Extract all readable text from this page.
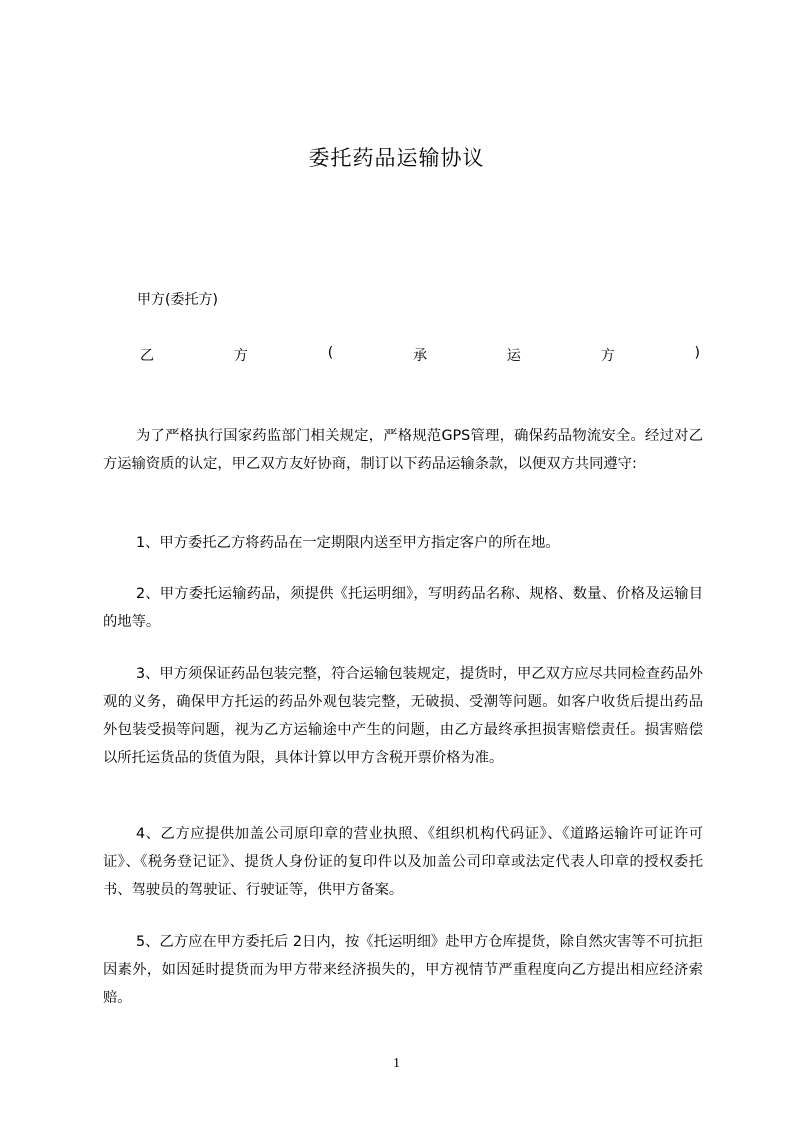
委托药品运输协议
甲方(委托方)
乙	方	(	承	运	方	)

为了严格执行国家药监部门相关规定，严格规范GPS管理，确保药品物流安全。经过对乙方运输资质的认定，甲乙双方友好协商，制订以下药品运输条款，以便双方共同遵守:

1、甲方委托乙方将药品在一定期限内送至甲方指定客户的所在地。

2、甲方委托运输药品，须提供《托运明细》，写明药品名称、规格、数量、价格及运输目的地等。

3、甲方须保证药品包装完整，符合运输包装规定，提货时，甲乙双方应尽共同检查药品外观的义务，确保甲方托运的药品外观包装完整，无破损、受潮等问题。如客户收货后提出药品外包装受损等问题，视为乙方运输途中产生的问题，由乙方最终承担损害赔偿责任。损害赔偿以所托运货品的货值为限，具体计算以甲方含税开票价格为准。

4、乙方应提供加盖公司原印章的营业执照、《组织机构代码证》、《道路运输许可证许可证》、《税务登记证》、提货人身份证的复印件以及加盖公司印章或法定代表人印章的授权委托书、驾驶员的驾驶证、行驶证等，供甲方备案。

5、乙方应在甲方委托后 2日内，按《托运明细》赴甲方仓库提货，除自然灾害等不可抗拒因素外，如因延时提货而为甲方带来经济损失的，甲方视情节严重程度向乙方提出相应经济索赔。

1
